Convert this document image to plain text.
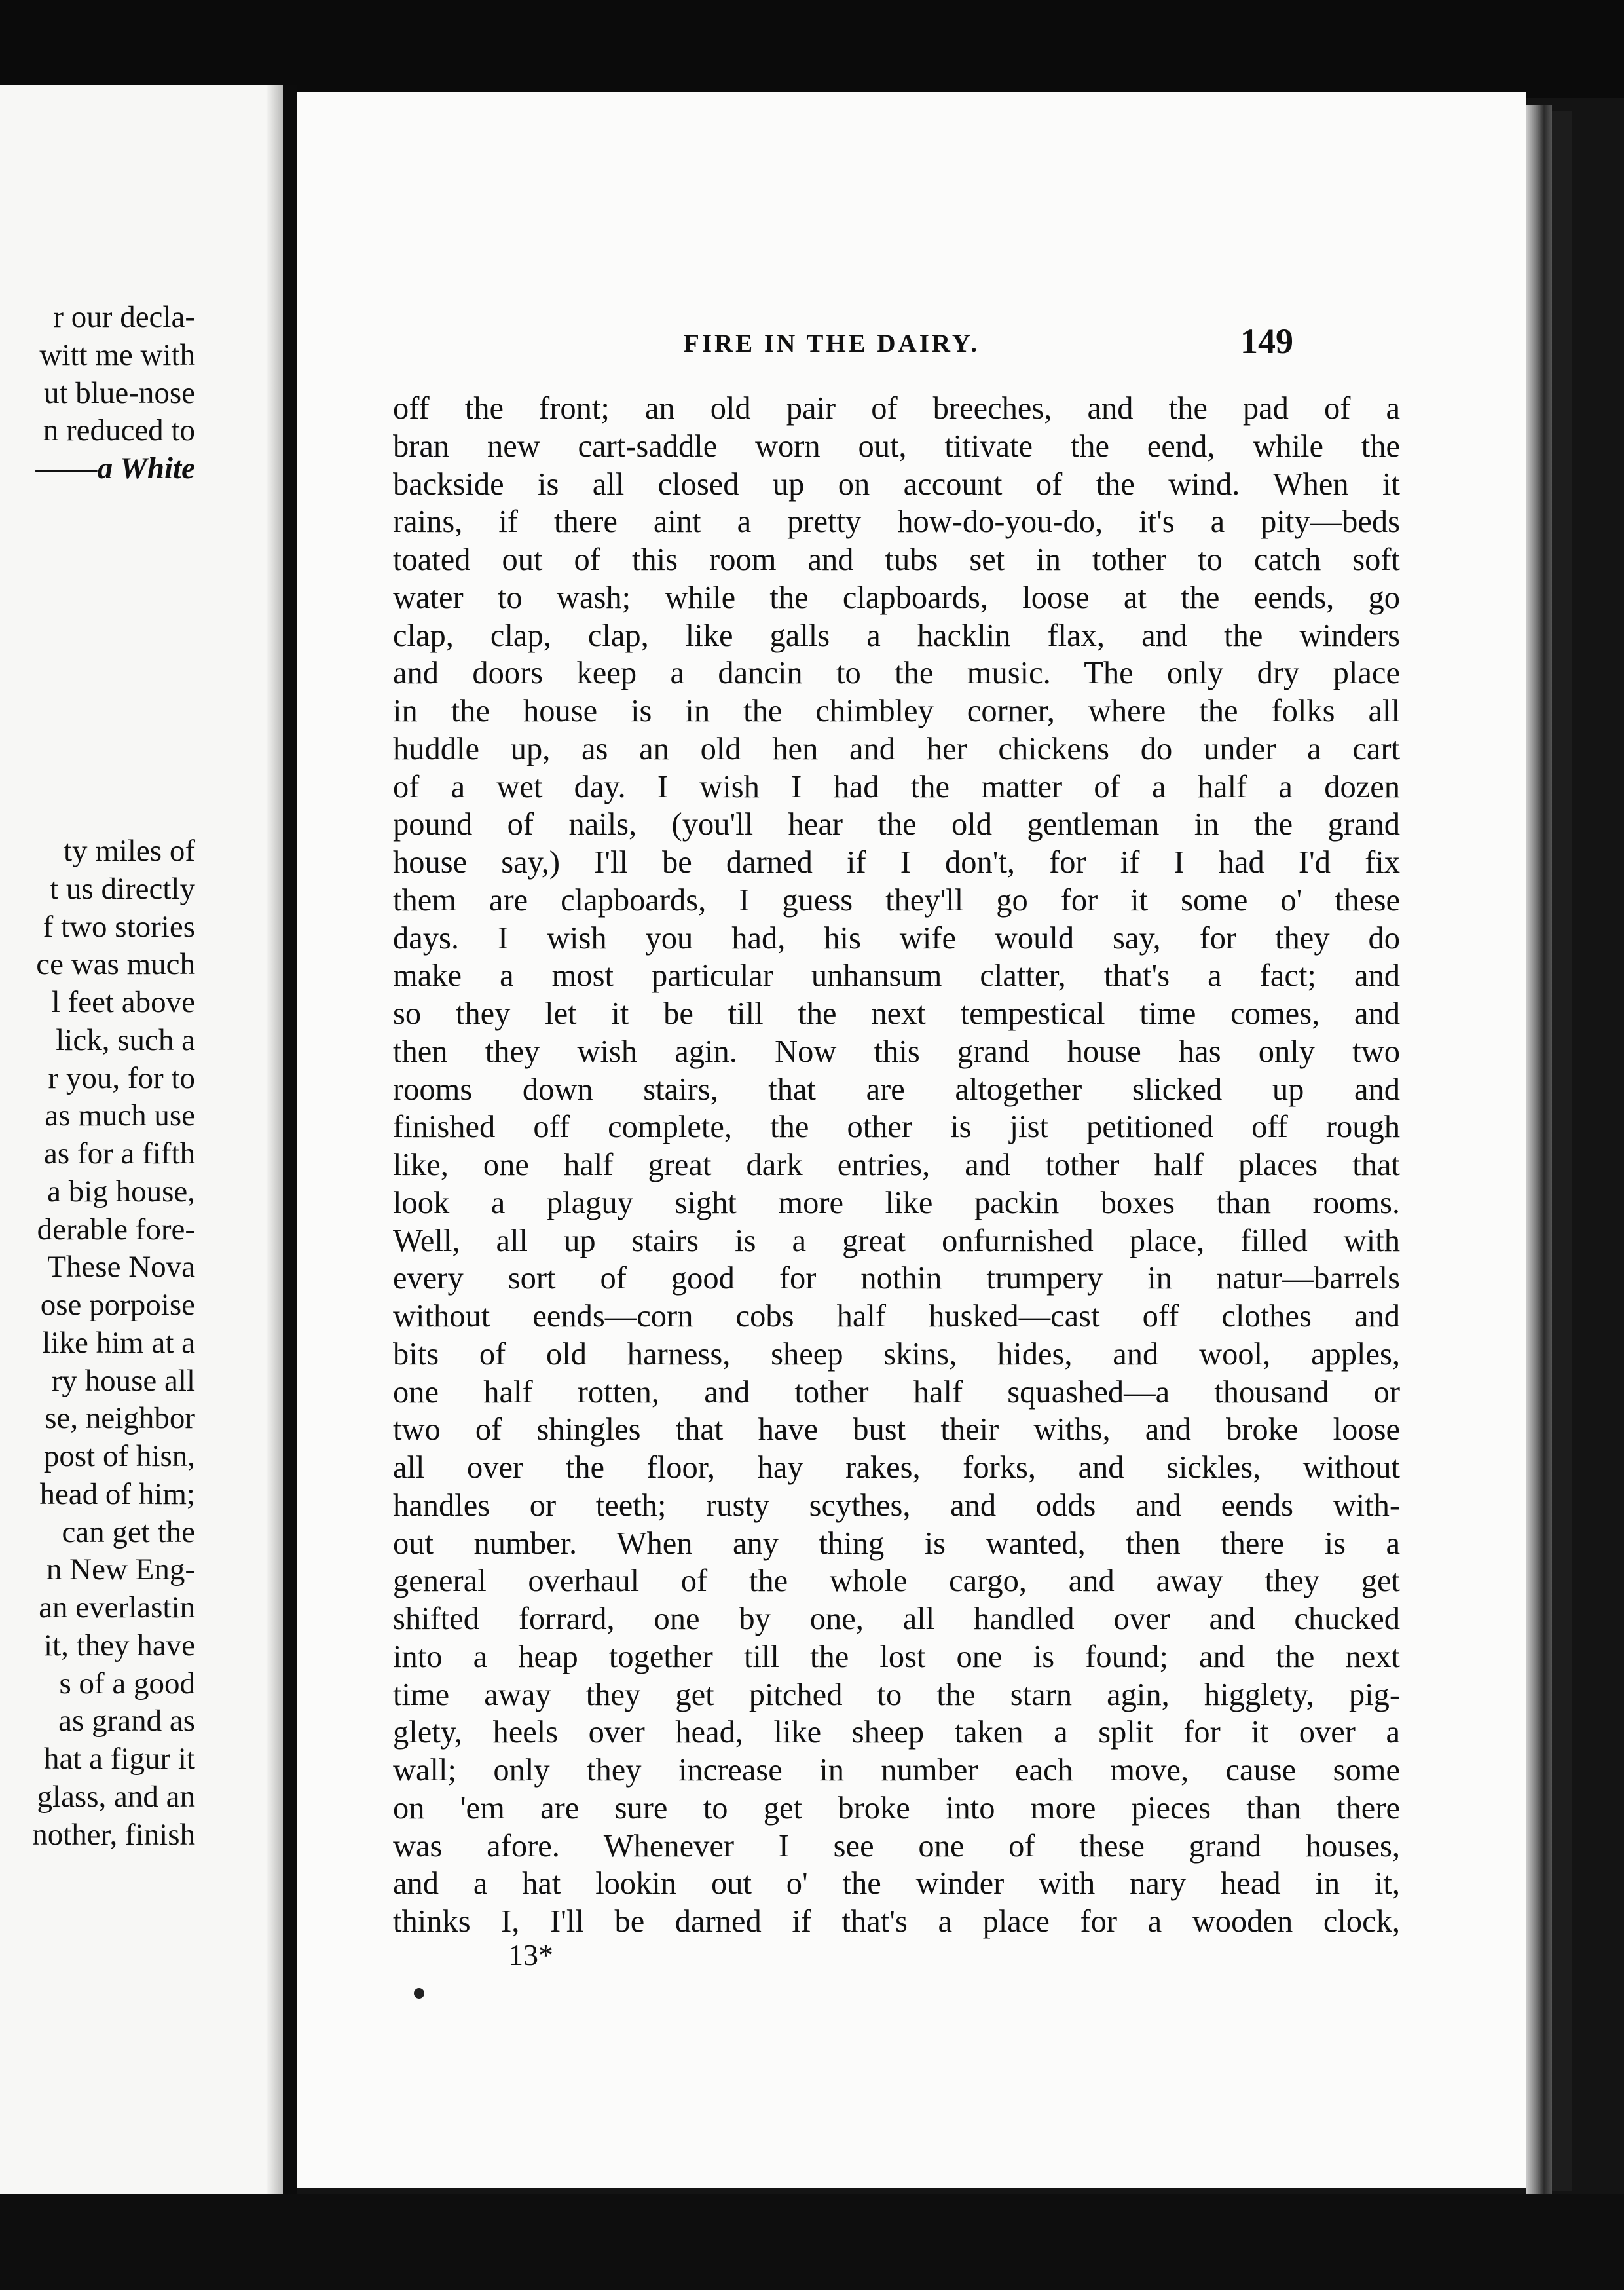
r our decla-
witt me with
ut blue-nose
n reduced to
——a White
ty miles of
t us directly
f two stories
ce was much
l feet above
lick, such a
r you, for to
as much use
as for a fifth
a big house,
derable fore-
These Nova
ose porpoise
like him at a
ry house all
se, neighbor
post of hisn,
head of him;
can get the
n New Eng-
an everlastin
it, they have
s of a good
as grand as
hat a figur it
glass, and an
nother, finish
FIRE IN THE DAIRY.	149
off the front; an old pair of breeches, and the pad of a
bran new cart-saddle worn out, titivate the eend, while the
backside is all closed up on account of the wind. When it
rains, if there aint a pretty how-do-you-do, it's a pity—beds
toated out of this room and tubs set in tother to catch soft
water to wash; while the clapboards, loose at the eends, go
clap, clap, clap, like galls a hacklin flax, and the winders
and doors keep a dancin to the music. The only dry place
in the house is in the chimbley corner, where the folks all
huddle up, as an old hen and her chickens do under a cart
of a wet day. I wish I had the matter of a half a dozen
pound of nails, (you'll hear the old gentleman in the grand
house say,) I'll be darned if I don't, for if I had I'd fix
them are clapboards, I guess they'll go for it some o' these
days. I wish you had, his wife would say, for they do
make a most particular unhansum clatter, that's a fact; and
so they let it be till the next tempestical time comes, and
then they wish agin. Now this grand house has only two
rooms down stairs, that are altogether slicked up and
finished off complete, the other is jist petitioned off rough
like, one half great dark entries, and tother half places that
look a plaguy sight more like packin boxes than rooms.
Well, all up stairs is a great onfurnished place, filled with
every sort of good for nothin trumpery in natur—barrels
without eends—corn cobs half husked—cast off clothes and
bits of old harness, sheep skins, hides, and wool, apples,
one half rotten, and tother half squashed—a thousand or
two of shingles that have bust their withs, and broke loose
all over the floor, hay rakes, forks, and sickles, without
handles or teeth; rusty scythes, and odds and eends with-
out number. When any thing is wanted, then there is a
general overhaul of the whole cargo, and away they get
shifted forrard, one by one, all handled over and chucked
into a heap together till the lost one is found; and the next
time away they get pitched to the starn agin, higglety, pig-
glety, heels over head, like sheep taken a split for it over a
wall; only they increase in number each move, cause some
on 'em are sure to get broke into more pieces than there
was afore. Whenever I see one of these grand houses,
and a hat lookin out o' the winder with nary head in it,
thinks I, I'll be darned if that's a place for a wooden clock,
13*
